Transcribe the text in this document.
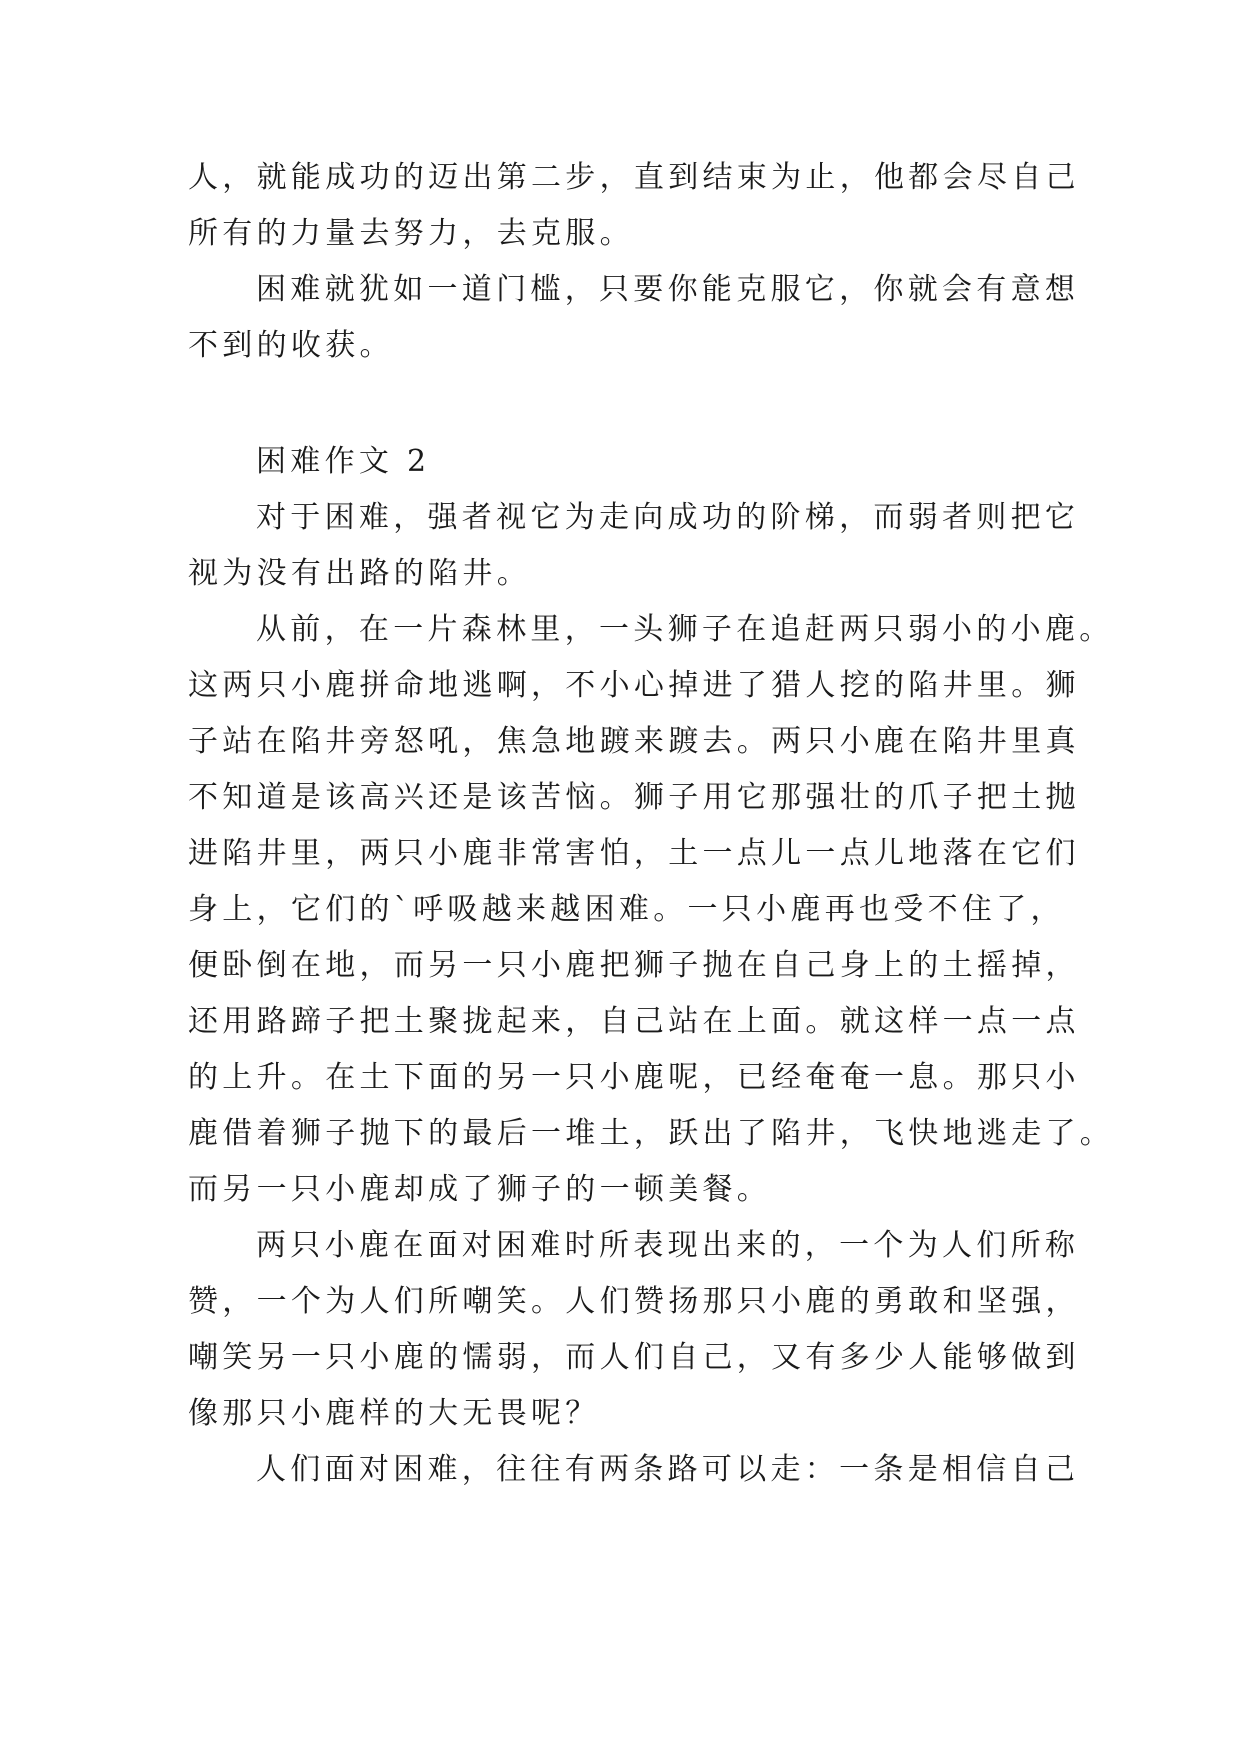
人，就能成功的迈出第二步，直到结束为止，他都会尽自己
所有的力量去努力，去克服。
困难就犹如一道门槛，只要你能克服它，你就会有意想
不到的收获。
困难作文 2
对于困难，强者视它为走向成功的阶梯，而弱者则把它
视为没有出路的陷井。
从前，在一片森林里，一头狮子在追赶两只弱小的小鹿。
这两只小鹿拼命地逃啊，不小心掉进了猎人挖的陷井里。狮
子站在陷井旁怒吼，焦急地踱来踱去。两只小鹿在陷井里真
不知道是该高兴还是该苦恼。狮子用它那强壮的爪子把土抛
进陷井里，两只小鹿非常害怕，土一点儿一点儿地落在它们
身上，它们的`呼吸越来越困难。一只小鹿再也受不住了，
便卧倒在地，而另一只小鹿把狮子抛在自己身上的土摇掉，
还用路蹄子把土聚拢起来，自己站在上面。就这样一点一点
的上升。在土下面的另一只小鹿呢，已经奄奄一息。那只小
鹿借着狮子抛下的最后一堆土，跃出了陷井，飞快地逃走了。
而另一只小鹿却成了狮子的一顿美餐。
两只小鹿在面对困难时所表现出来的，一个为人们所称
赞，一个为人们所嘲笑。人们赞扬那只小鹿的勇敢和坚强，
嘲笑另一只小鹿的懦弱，而人们自己，又有多少人能够做到
像那只小鹿样的大无畏呢？
人们面对困难，往往有两条路可以走：一条是相信自己
